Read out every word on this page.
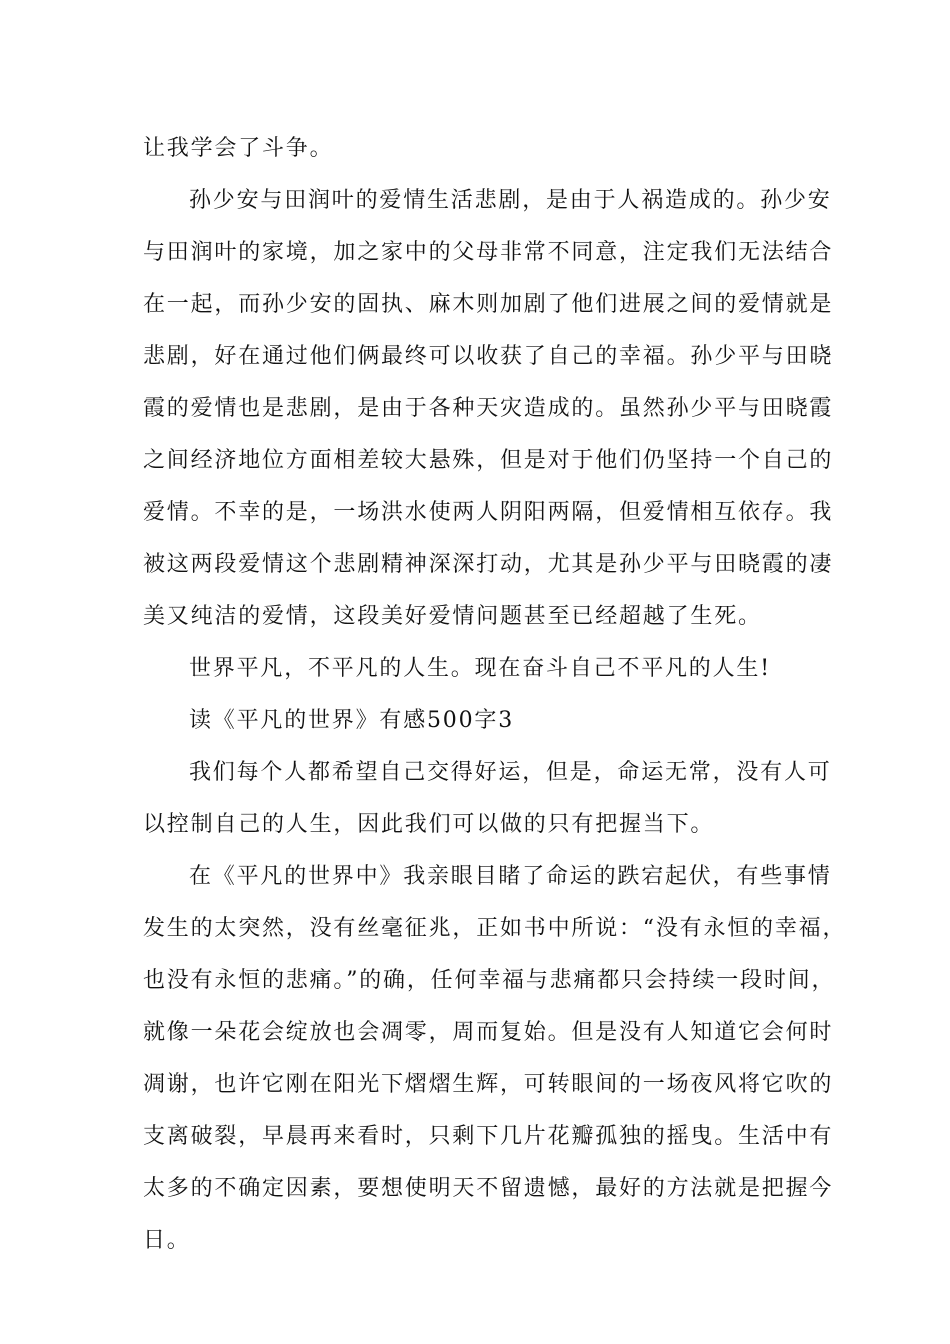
让我学会了斗争。
孙少安与田润叶的爱情生活悲剧，是由于人祸造成的。孙少安
与田润叶的家境，加之家中的父母非常不同意，注定我们无法结合
在一起，而孙少安的固执、麻木则加剧了他们进展之间的爱情就是
悲剧，好在通过他们俩最终可以收获了自己的幸福。孙少平与田晓
霞的爱情也是悲剧，是由于各种天灾造成的。虽然孙少平与田晓霞
之间经济地位方面相差较大悬殊，但是对于他们仍坚持一个自己的
爱情。不幸的是，一场洪水使两人阴阳两隔，但爱情相互依存。我
被这两段爱情这个悲剧精神深深打动，尤其是孙少平与田晓霞的凄
美又纯洁的爱情，这段美好爱情问题甚至已经超越了生死。
世界平凡，不平凡的人生。现在奋斗自己不平凡的人生!
读《平凡的世界》有感500字3
我们每个人都希望自己交得好运，但是，命运无常，没有人可
以控制自己的人生，因此我们可以做的只有把握当下。
在《平凡的世界中》我亲眼目睹了命运的跌宕起伏，有些事情
发生的太突然，没有丝毫征兆，正如书中所说：“没有永恒的幸福，
也没有永恒的悲痛。”的确，任何幸福与悲痛都只会持续一段时间，
就像一朵花会绽放也会凋零，周而复始。但是没有人知道它会何时
凋谢，也许它刚在阳光下熠熠生辉，可转眼间的一场夜风将它吹的
支离破裂，早晨再来看时，只剩下几片花瓣孤独的摇曳。生活中有
太多的不确定因素，要想使明天不留遗憾，最好的方法就是把握今
日。
